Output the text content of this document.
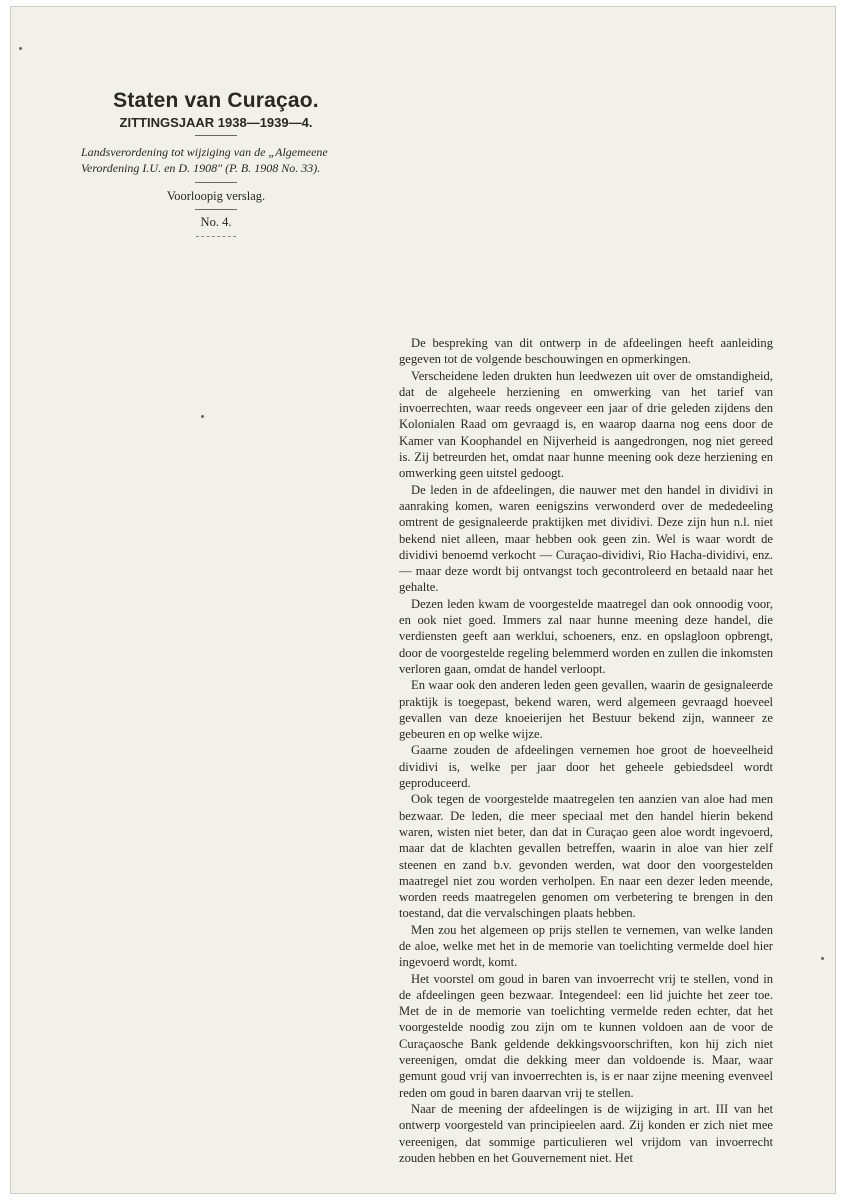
Staten van Curaçao.
ZITTINGSJAAR 1938—1939—4.
Landsverordening tot wijziging van de „Algemeene Verordening I.U. en D. 1908" (P. B. 1908 No. 33).
Voorloopig verslag.
No. 4.

De bespreking van dit ontwerp in de afdeelingen heeft aanleiding gegeven tot de volgende beschouwingen en opmerkingen.

Verscheidene leden drukten hun leedwezen uit over de omstandigheid, dat de algeheele herziening en omwerking van het tarief van invoerrechten, waar reeds ongeveer een jaar of drie geleden zijdens den Kolonialen Raad om gevraagd is, en waarop daarna nog eens door de Kamer van Koophandel en Nijverheid is aangedrongen, nog niet gereed is. Zij betreurden het, omdat naar hunne meening ook deze herziening en omwerking geen uitstel gedoogt.

De leden in de afdeelingen, die nauwer met den handel in dividivi in aanraking komen, waren eenigszins verwonderd over de mededeeling omtrent de gesignaleerde praktijken met dividivi. Deze zijn hun n.l. niet bekend niet alleen, maar hebben ook geen zin. Wel is waar wordt de dividivi benoemd verkocht — Curaçao-dividivi, Rio Hacha-dividivi, enz. — maar deze wordt bij ontvangst toch gecontroleerd en betaald naar het gehalte.

Dezen leden kwam de voorgestelde maatregel dan ook onnoodig voor, en ook niet goed. Immers zal naar hunne meening deze handel, die verdiensten geeft aan werklui, schoeners, enz. en opslagloon opbrengt, door de voorgestelde regeling belemmerd worden en zullen die inkomsten verloren gaan, omdat de handel verloopt.

En waar ook den anderen leden geen gevallen, waarin de gesignaleerde praktijk is toegepast, bekend waren, werd algemeen gevraagd hoeveel gevallen van deze knoeierijen het Bestuur bekend zijn, wanneer ze gebeuren en op welke wijze.

Gaarne zouden de afdeelingen vernemen hoe groot de hoeveelheid dividivi is, welke per jaar door het geheele gebiedsdeel wordt geproduceerd.

Ook tegen de voorgestelde maatregelen ten aanzien van aloe had men bezwaar. De leden, die meer speciaal met den handel hierin bekend waren, wisten niet beter, dan dat in Curaçao geen aloe wordt ingevoerd, maar dat de klachten gevallen betreffen, waarin in aloe van hier zelf steenen en zand b.v. gevonden werden, wat door den voorgestelden maatregel niet zou worden verholpen. En naar een dezer leden meende, worden reeds maatregelen genomen om verbetering te brengen in den toestand, dat die vervalschingen plaats hebben.

Men zou het algemeen op prijs stellen te vernemen, van welke landen de aloe, welke met het in de memorie van toelichting vermelde doel hier ingevoerd wordt, komt.

Het voorstel om goud in baren van invoerrecht vrij te stellen, vond in de afdeelingen geen bezwaar. Integendeel: een lid juichte het zeer toe. Met de in de memorie van toelichting vermelde reden echter, dat het voorgestelde noodig zou zijn om te kunnen voldoen aan de voor de Curaçaosche Bank geldende dekkingsvoorschriften, kon hij zich niet vereenigen, omdat die dekking meer dan voldoende is. Maar, waar gemunt goud vrij van invoerrechten is, is er naar zijne meening evenveel reden om goud in baren daarvan vrij te stellen.

Naar de meening der afdeelingen is de wijziging in art. III van het ontwerp voorgesteld van principieelen aard. Zij konden er zich niet mee vereenigen, dat sommige particulieren wel vrijdom van invoerrecht zouden hebben en het Gouvernement niet. Het
